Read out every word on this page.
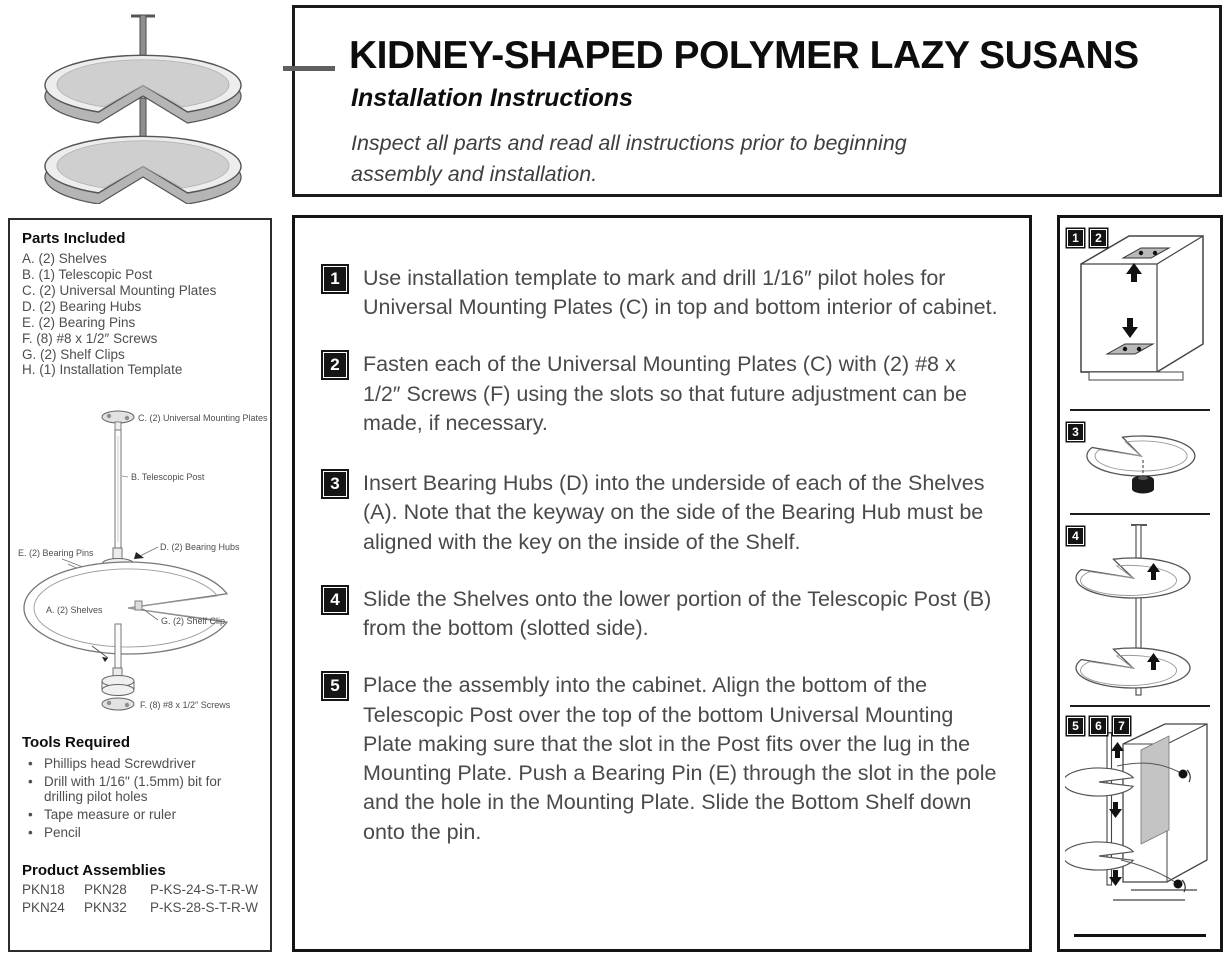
KIDNEY-SHAPED POLYMER LAZY SUSANS
Installation Instructions

Inspect all parts and read all instructions prior to beginning assembly and installation.

Parts Included
A. (2) Shelves
B. (1) Telescopic Post
C. (2) Universal Mounting Plates
D. (2) Bearing Hubs
E. (2) Bearing Pins
F. (8) #8 x 1/2″ Screws
G. (2) Shelf Clips
H. (1) Installation Template
C. (2) Universal Mounting Plates
B. Telescopic Post
E. (2) Bearing Pins
D. (2) Bearing Hubs
A. (2) Shelves
G. (2) Shelf Clip
F. (8) #8 x 1/2″ Screws
Tools Required
• Phillips head Screwdriver
• Drill with 1/16" (1.5mm) bit for drilling pilot holes
• Tape measure or ruler
• Pencil
Product Assemblies
PKN18	PKN28	P-KS-24-S-T-R-W
PKN24	PKN32	P-KS-28-S-T-R-W
1	Use installation template to mark and drill 1/16″ pilot holes for Universal Mounting Plates (C) in top and bottom interior of cabinet.

2	Fasten each of the Universal Mounting Plates (C) with (2) #8 x 1/2″ Screws (F) using the slots so that future adjustment can be made, if necessary.

3	Insert Bearing Hubs (D) into the underside of each of the Shelves (A). Note that the keyway on the side of the Bearing Hub must be aligned with the key on the inside of the Shelf.

4	Slide the Shelves onto the lower portion of the Telescopic Post (B) from the bottom (slotted side).

5	Place the assembly into the cabinet. Align the bottom of the Telescopic Post over the top of the bottom Universal Mounting Plate making sure that the slot in the Post fits over the lug in the Mounting Plate. Push a Bearing Pin (E) through the slot in the pole and the hole in the Mounting Plate. Slide the Bottom Shelf down onto the pin.

1	2
3
4
5	6	7
